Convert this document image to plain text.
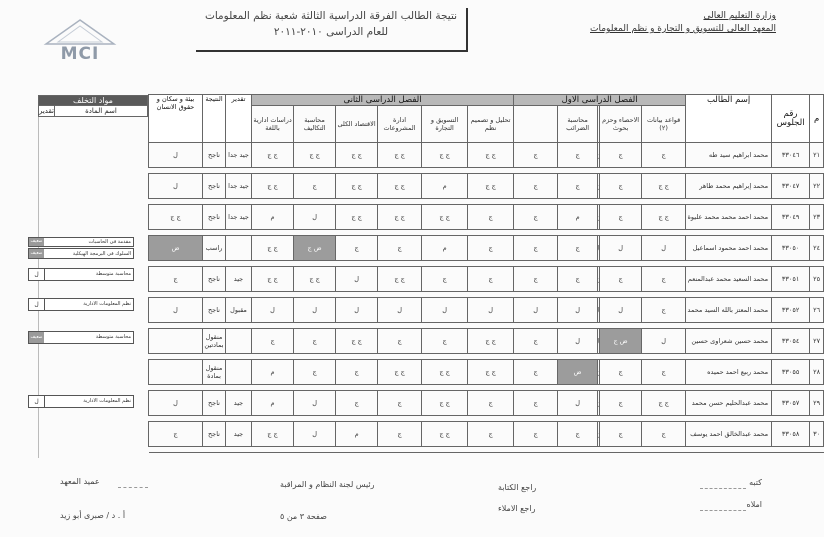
نتيجة الطالب الفرقة الدراسية الثالثة شعبة نظم المعلومات
للعام الدراسى ٢٠١٠-٢٠١١
وزارة التعليم العالى
المعهد العالى للتسويق و التجارة و نظم المعلومات
MCI
مواد التخلف
تقدير	اسم المادة
ضعيف	مقدمة فى الحاسبات
ضعيف	السلوك فى البرمجة الهيكلية
ل	محاسبة متوسطة
ل	نظم المعلومات الادارية
ضعيف	محاسبة متوسطة
ل	نظم المعلومات الادارية
م	رقم الجلوس	إسم الطالب	الفصل الدراسى الاول					الفصل الدراسى الثانى						تقدير	النتيجة	بيئة و سكان و حقوق الانسان
			قواعد بيانات (٢)	الاحصاء وحزم بحوث		محاسبة الضرائب		تحليل و تصميم نظم	التسويق و التجارة	ادارة المشروعات	الاقتصاد الكلى	محاسبة التكاليف	دراسات ادارية باللغة			
٢١	٣٣٠٤٦	محمد ابراهيم سيد طه	ج	ج		ج	ج	ج ج	ج ج	ج ج	ج ج	ج ج	ج ج	جيد جدا	ناجح	ل

٢٢	٣٣٠٤٧	محمد إبراهيم محمد طاهر	ج ج	ج		ج	ج	ج ج	م	ج ج	ج ج	ج	ج ج	جيد جدا	ناجح	ل

٢٣	٣٣٠٤٩	محمد احمد محمد محمد عليوة	ج ج	ج		م	ج	ج	ج ج	ج ج	ج ج	ل	م	جيد جدا	ناجح	ج ج

٢٤	٣٣٠٥٠	محمد احمد محمود اسماعيل	ل	ل		ج	ج	ج	م	ج	ج	ض ج	ج ج		راسب	ض

٢٥	٣٣٠٥١	محمد السعيد محمد عبدالمنعم	ج	ج		ج	ج	ج	ج	ج ج	ل	ج ج	ج ج	جيد	ناجح	ج

٢٦	٣٣٠٥٢	محمد المعتز بالله السيد محمد	ج	ل		ل	ل	ل	ل	ل	ل	ل	ل	مقبول	ناجح	ل

٢٧	٣٣٠٥٤	محمد حسين شعراوى حسين	ل	ض ج		ل	ج	ج ج	ج	ج	ج ج	ج	ج		منقول بمادتين	

٢٨	٣٣٠٥٥	محمد ربيع احمد حميده	ج	ج		ض	ج	ج ج	ج ج	ج ج	ج	ج	م		منقول بمادة	

٢٩	٣٣٠٥٧	محمد عبدالحليم حسن محمد	ج ج	ج		ل	ج	ج	ج ج	ج	ج	ل	م	جيد	ناجح	ل

٣٠	٣٣٠٥٨	محمد عبدالخالق احمد يوسف	ج	ج		ج	ج	ج	ج ج	ج	م	ل	ج ج	جيد	ناجح	ج

كتبه
املاه
راجع الكتابة
راجع الاملاء
رئيس لجنة النظام و المراقبة
عميد المعهد
أ . د / صبرى أبو زيد	صفحة ٣ من ٥
